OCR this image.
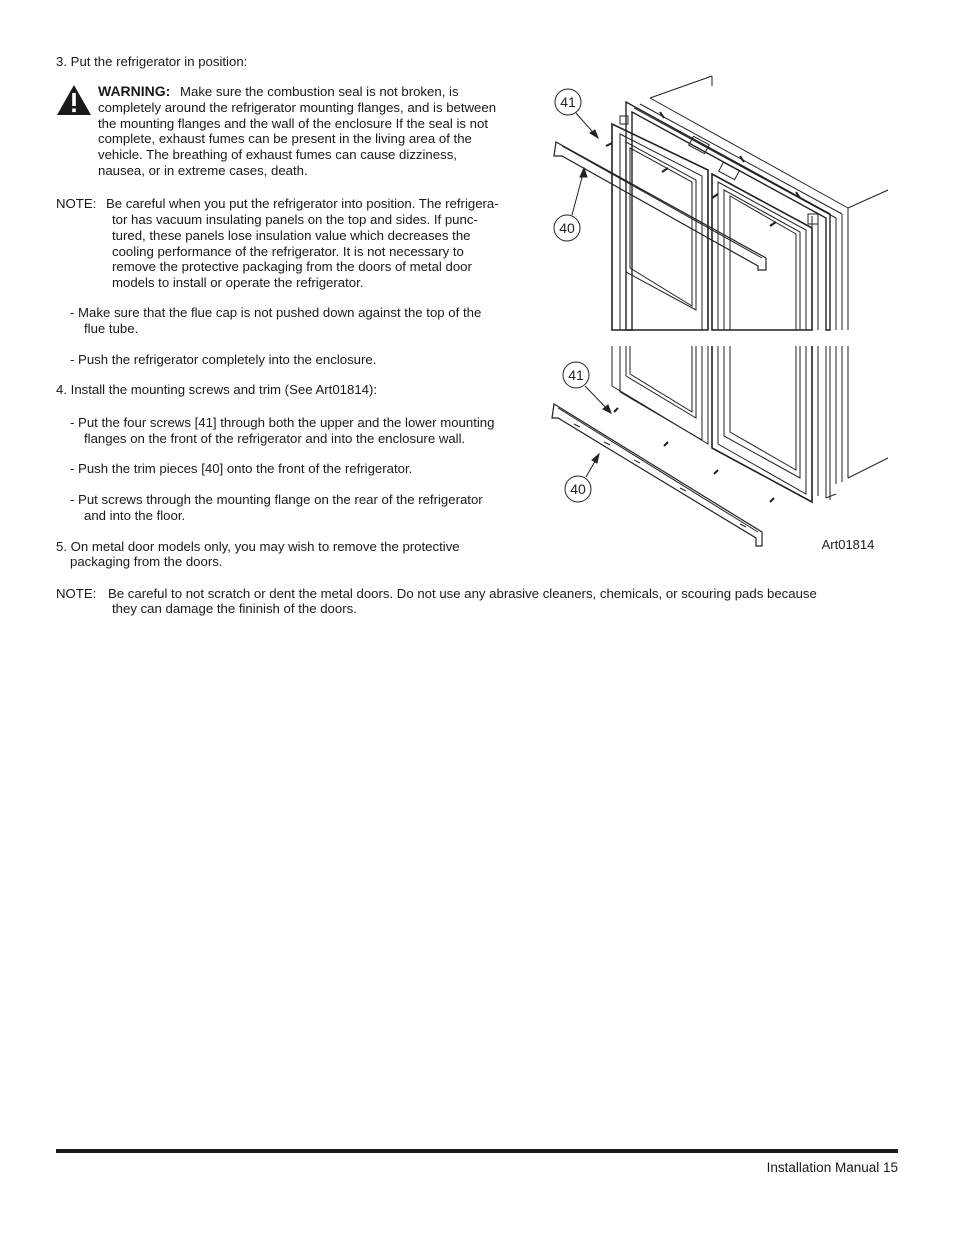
3. Put the refrigerator in position:
WARNING: Make sure the combustion seal is not broken, is
completely around the refrigerator mounting flanges, and is between
the mounting flanges and the wall of the enclosure If the seal is not
complete, exhaust fumes can be present in the living area of the
vehicle. The breathing of exhaust fumes can cause dizziness,
nausea, or in extreme cases, death.
NOTE: Be careful when you put the refrigerator into position. The refrigera-
tor has vacuum insulating panels on the top and sides. If punc-
tured, these panels lose insulation value which decreases the
cooling performance of the refrigerator. It is not necessary to
remove the protective packaging from the doors of metal door
models to install or operate the refrigerator.
- Make sure that the flue cap is not pushed down against the top of the
flue tube.
- Push the refrigerator completely into the enclosure.
4. Install the mounting screws and trim (See Art01814):
- Put the four screws [41] through both the upper and the lower mounting
flanges on the front of the refrigerator and into the enclosure wall.
- Push the trim pieces [40] onto the front of the refrigerator.
- Put screws through the mounting flange on the rear of the refrigerator
and into the floor.
5. On metal door models only, you may wish to remove the protective
packaging from the doors.
NOTE: Be careful to not scratch or dent the metal doors. Do not use any abrasive cleaners, chemicals, or scouring pads because
they can damage the fininish of the doors.
41
40
41
40
Art01814
Installation Manual 15
